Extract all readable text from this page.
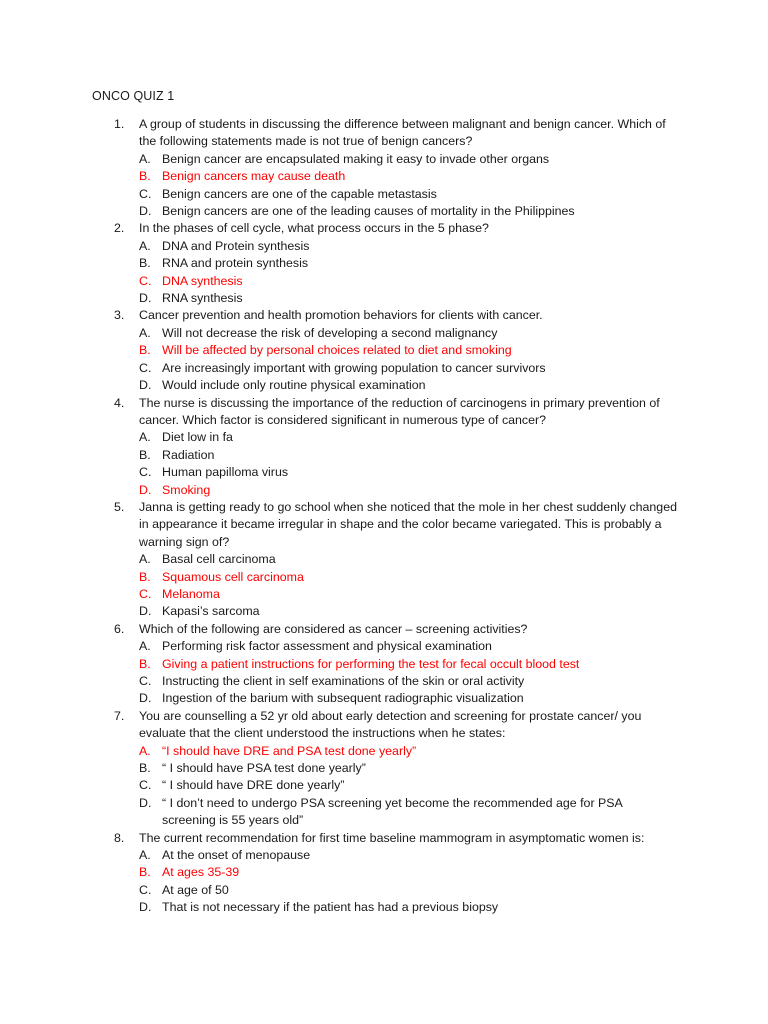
ONCO QUIZ 1
1. A group of students in discussing the difference between malignant and benign cancer. Which of the following statements made is not true of benign cancers?
A. Benign cancer are encapsulated making it easy to invade other organs
B. Benign cancers may cause death
C. Benign cancers are one of the capable metastasis
D. Benign cancers are one of the leading causes of mortality in the Philippines
2. In the phases of cell cycle, what process occurs in the 5 phase?
A. DNA and Protein synthesis
B. RNA and protein synthesis
C. DNA synthesis
D. RNA synthesis
3. Cancer prevention and health promotion behaviors for clients with cancer.
A. Will not decrease the risk of developing a second malignancy
B. Will be affected by personal choices related to diet and smoking
C. Are increasingly important with growing population to cancer survivors
D. Would include only routine physical examination
4. The nurse is discussing the importance of the reduction of carcinogens in primary prevention of cancer. Which factor is considered significant in numerous type of cancer?
A. Diet low in fa
B. Radiation
C. Human papilloma virus
D. Smoking
5. Janna is getting ready to go school when she noticed that the mole in her chest suddenly changed in appearance it became irregular in shape and the color became variegated. This is probably a warning sign of?
A. Basal cell carcinoma
B. Squamous cell carcinoma
C. Melanoma
D. Kapasi’s sarcoma
6. Which of the following are considered as cancer – screening activities?
A. Performing risk factor assessment and physical examination
B. Giving a patient instructions for performing the test for fecal occult blood test
C. Instructing the client in self examinations of the skin or oral activity
D. Ingestion of the barium with subsequent radiographic visualization
7. You are counselling a 52 yr old about early detection and screening for prostate cancer/ you evaluate that the client understood the instructions when he states:
A. “I should have DRE and PSA test done yearly”
B. “ I should have PSA test done yearly”
C. “ I should have DRE done yearly”
D. “ I don’t need to undergo PSA screening yet become the recommended age for PSA screening is 55 years old”
8. The current recommendation for first time baseline mammogram in asymptomatic women is:
A. At the onset of menopause
B. At ages 35-39
C. At age of 50
D. That is not necessary if the patient has had a previous biopsy
